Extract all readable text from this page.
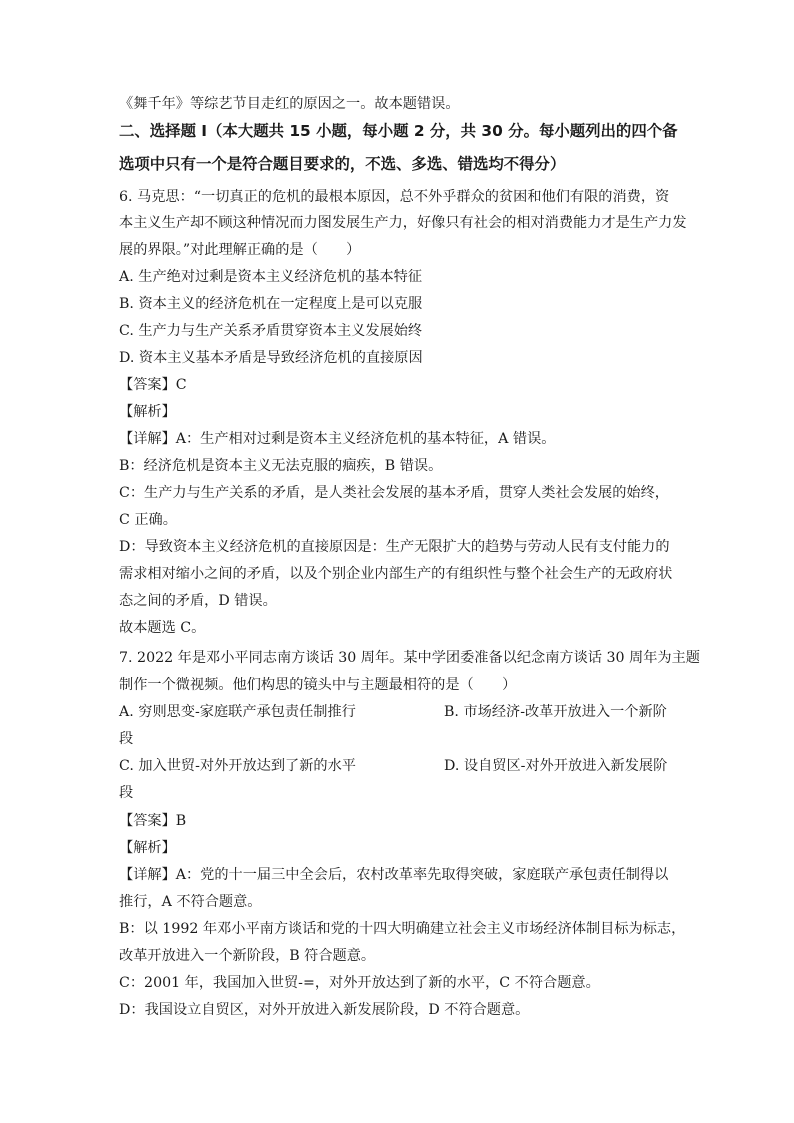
《舞千年》等综艺节目走红的原因之一。故本题错误。
二、选择题 I（本大题共 15 小题，每小题 2 分，共 30 分。每小题列出的四个备
选项中只有一个是符合题目要求的，不选、多选、错选均不得分）
6. 马克思：“一切真正的危机的最根本原因，总不外乎群众的贫困和他们有限的消费，资
本主义生产却不顾这种情况而力图发展生产力，好像只有社会的相对消费能力才是生产力发
展的界限。”对此理解正确的是（　　）
A. 生产绝对过剩是资本主义经济危机的基本特征
B. 资本主义的经济危机在一定程度上是可以克服
C. 生产力与生产关系矛盾贯穿资本主义发展始终
D. 资本主义基本矛盾是导致经济危机的直接原因
【答案】C
【解析】
【详解】A：生产相对过剩是资本主义经济危机的基本特征，A 错误。
B：经济危机是资本主义无法克服的痼疾，B 错误。
C：生产力与生产关系的矛盾，是人类社会发展的基本矛盾，贯穿人类社会发展的始终，
C 正确。
D：导致资本主义经济危机的直接原因是：生产无限扩大的趋势与劳动人民有支付能力的
需求相对缩小之间的矛盾，以及个别企业内部生产的有组织性与整个社会生产的无政府状
态之间的矛盾，D 错误。
故本题选 C。
7. 2022 年是邓小平同志南方谈话 30 周年。某中学团委准备以纪念南方谈话 30 周年为主题
制作一个微视频。他们构思的镜头中与主题最相符的是（　　）
A. 穷则思变-家庭联产承包责任制推行	B. 市场经济-改革开放进入一个新阶
段
C. 加入世贸-对外开放达到了新的水平	D. 设自贸区-对外开放进入新发展阶
段
【答案】B
【解析】
【详解】A：党的十一届三中全会后，农村改革率先取得突破，家庭联产承包责任制得以
推行，A 不符合题意。
B：以 1992 年邓小平南方谈话和党的十四大明确建立社会主义市场经济体制目标为标志，
改革开放进入一个新阶段，B 符合题意。
C：2001 年，我国加入世贸-=，对外开放达到了新的水平，C 不符合题意。
D：我国设立自贸区，对外开放进入新发展阶段，D 不符合题意。
